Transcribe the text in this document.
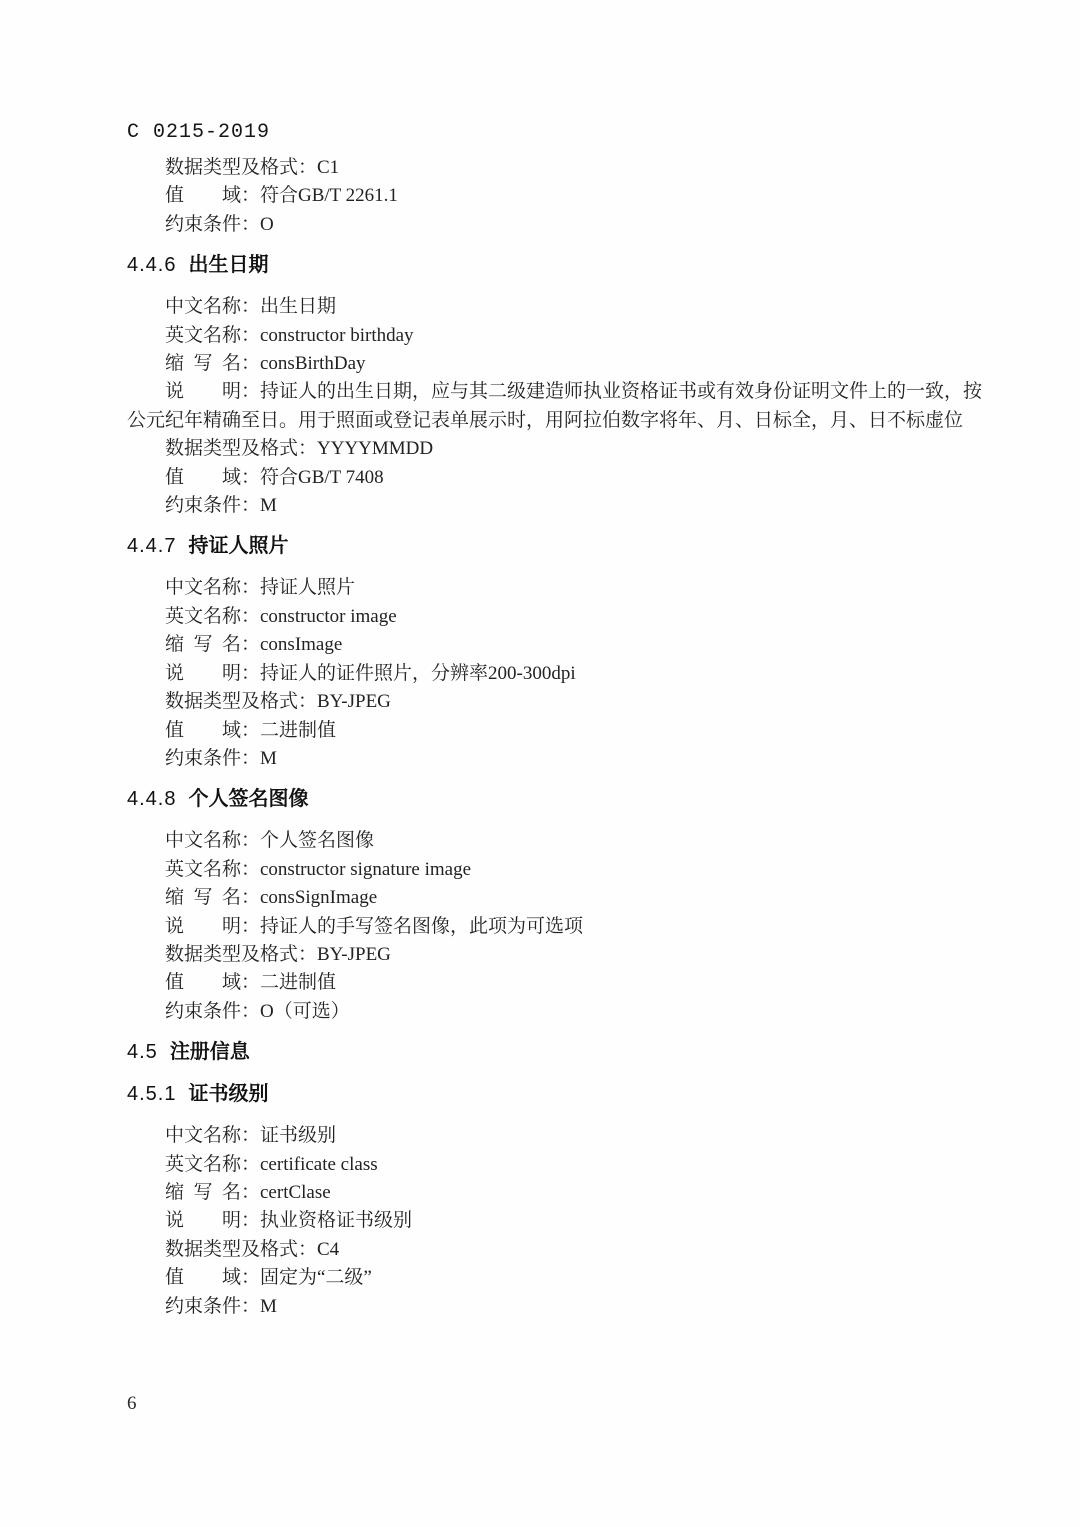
C 0215-2019

数据类型及格式：C1

值　　域：符合GB/T 2261.1

约束条件：O

4.4.6 出生日期

中文名称：出生日期

英文名称：constructor birthday

缩 写 名：consBirthDay

说　　明：持证人的出生日期，应与其二级建造师执业资格证书或有效身份证明文件上的一致，按

公元纪年精确至日。用于照面或登记表单展示时，用阿拉伯数字将年、月、日标全，月、日不标虚位

数据类型及格式：YYYYMMDD

值　　域：符合GB/T 7408

约束条件：M

4.4.7 持证人照片

中文名称：持证人照片

英文名称：constructor image

缩 写 名：consImage

说　　明：持证人的证件照片，分辨率200-300dpi

数据类型及格式：BY-JPEG

值　　域：二进制值

约束条件：M

4.4.8 个人签名图像

中文名称：个人签名图像

英文名称：constructor signature image

缩 写 名：consSignImage

说　　明：持证人的手写签名图像，此项为可选项

数据类型及格式：BY-JPEG

值　　域：二进制值

约束条件：O（可选）

4.5 注册信息
4.5.1 证书级别

中文名称：证书级别

英文名称：certificate class

缩 写 名：certClase

说　　明：执业资格证书级别

数据类型及格式：C4

值　　域：固定为“二级”

约束条件：M

6
